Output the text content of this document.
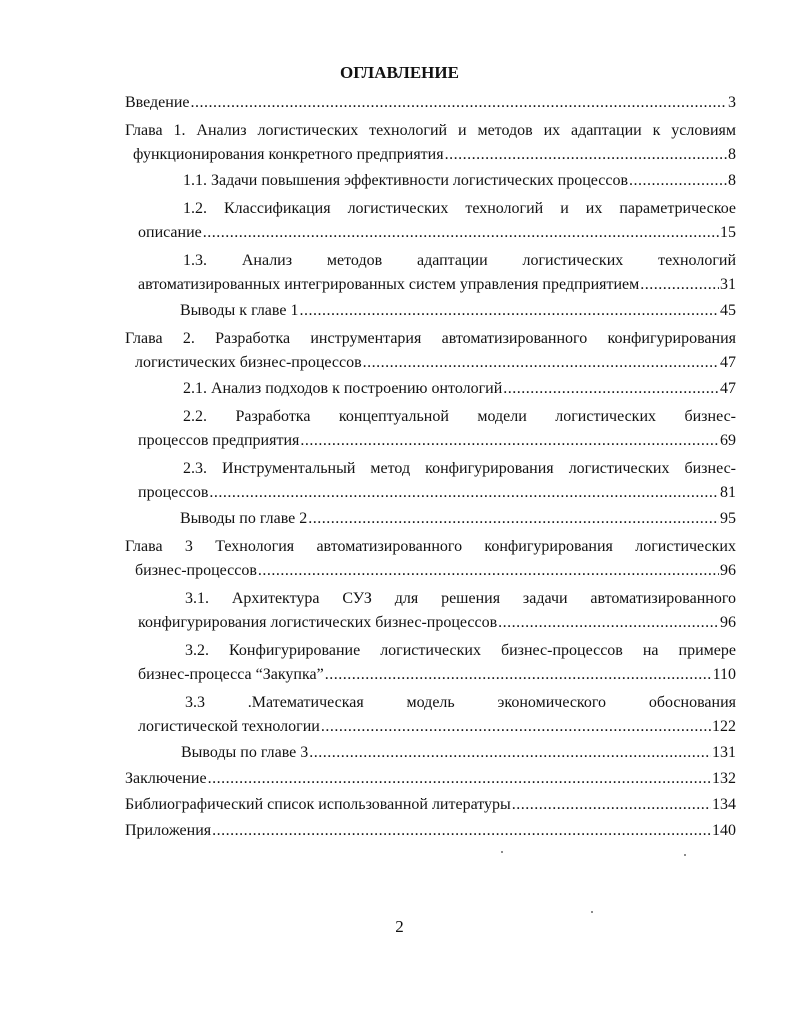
ОГЛАВЛЕНИЕ
Введение .....	3
Глава 1. Анализ логистических технологий и методов их адаптации к условиям
функционирования конкретного предприятия .....	8
1.1. Задачи повышения эффективности логистических процессов .....	8
1.2. Классификация логистических технологий и их параметрическое
описание .....	15
1.3. Анализ методов адаптации логистических технологий
автоматизированных интегрированных систем управления предприятием .....	31
Выводы к главе 1 .....	45
Глава 2. Разработка инструментария автоматизированного конфигурирования
логистических бизнес-процессов .....	47
2.1. Анализ подходов к построению онтологий .....	47
2.2. Разработка концептуальной модели логистических бизнес-
процессов предприятия .....	69
2.3. Инструментальный метод конфигурирования логистических бизнес-
процессов .....	81
Выводы по главе 2 .....	95
Глава 3 Технология автоматизированного конфигурирования логистических
бизнес-процессов .....	96
3.1. Архитектура СУЗ для решения задачи автоматизированного
конфигурирования логистических бизнес-процессов .....	96
3.2. Конфигурирование логистических бизнес-процессов на примере
бизнес-процесса “Закупка” .....	110
3.3 .Математическая модель экономического обоснования
логистической технологии .....	122
Выводы по главе 3 .....	131
Заключение .....	132
Библиографический список использованной литературы .....	134
Приложения .....	140
2
